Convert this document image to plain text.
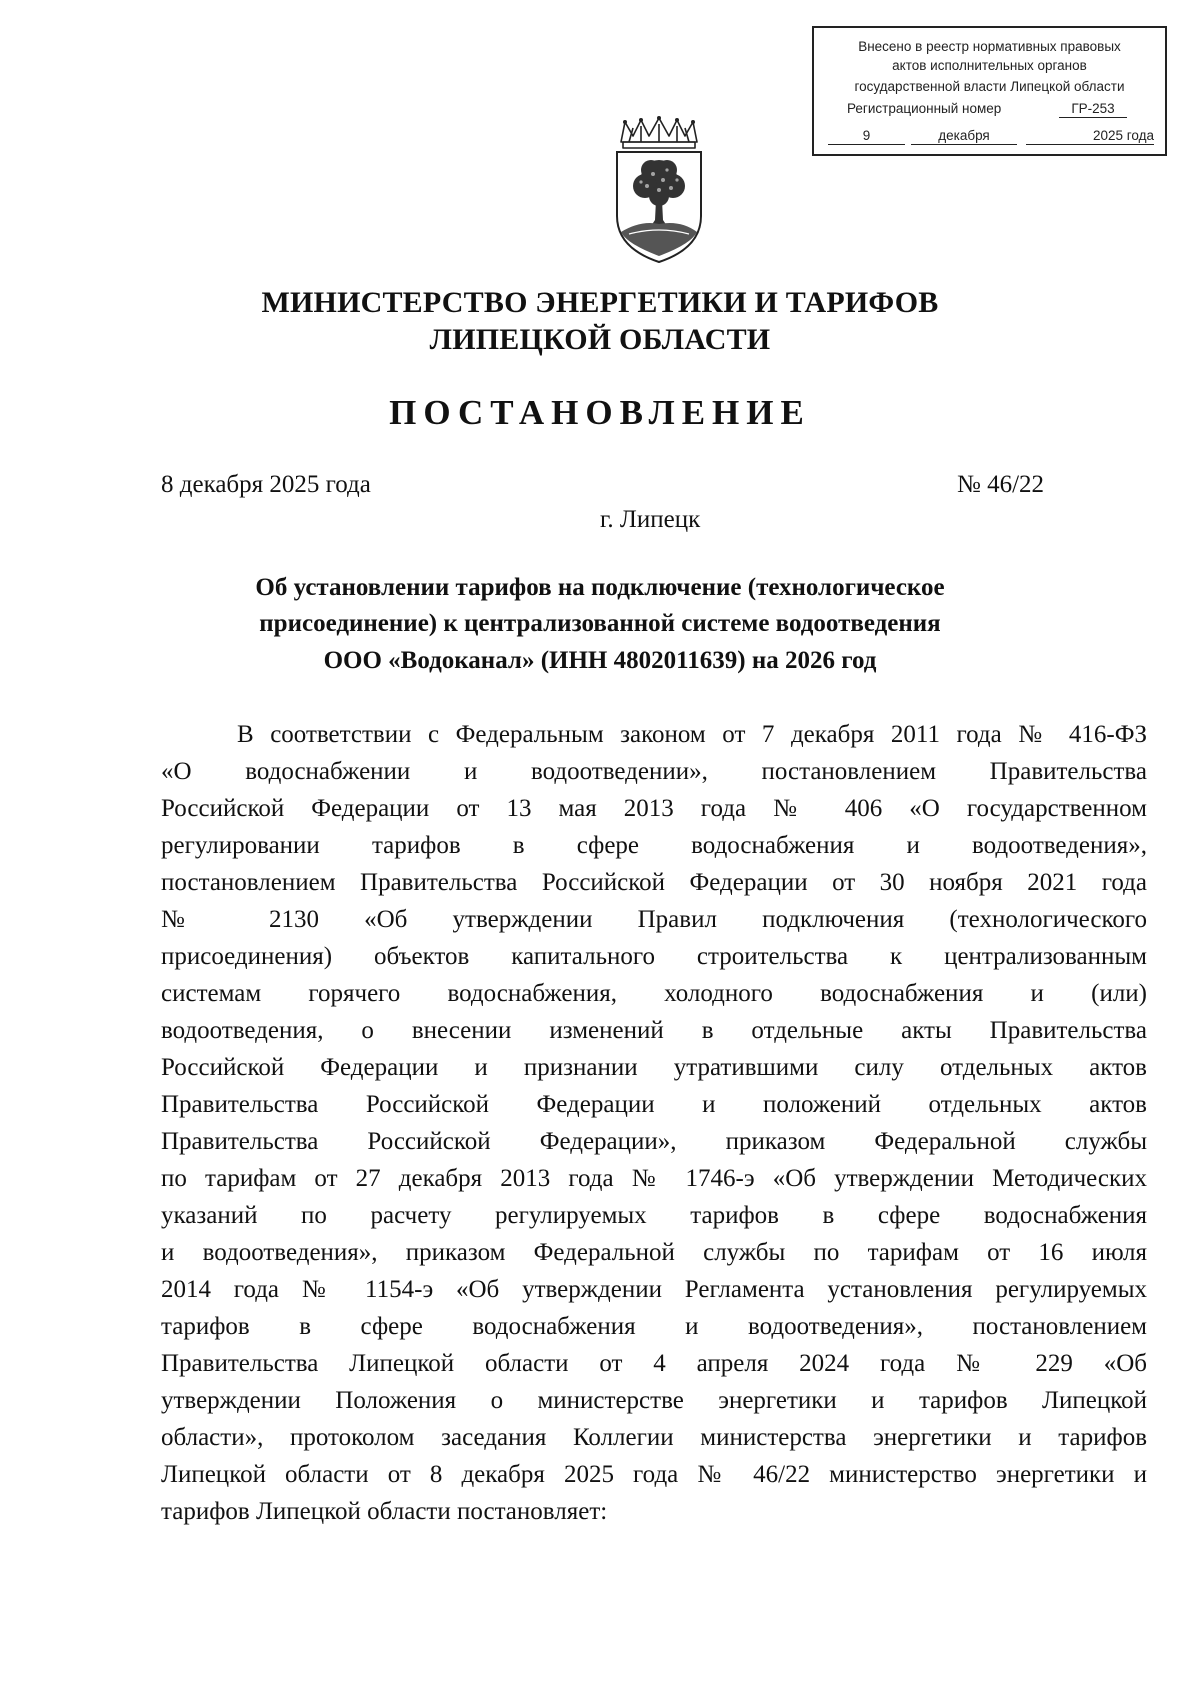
Внесено в реестр нормативных правовых
актов исполнительных органов
государственной власти Липецкой области
Регистрационный номер	ГР-253
9	декабря	2025 года
МИНИСТЕРСТВО ЭНЕРГЕТИКИ И ТАРИФОВ
ЛИПЕЦКОЙ ОБЛАСТИ
ПОСТАНОВЛЕНИЕ
8 декабря 2025 года	№ 46/22
г. Липецк
Об установлении тарифов на подключение (технологическое
присоединение) к централизованной системе водоотведения
ООО «Водоканал» (ИНН 4802011639) на 2026 год
В соответствии с Федеральным законом от 7 декабря 2011 года № 416-ФЗ
«О водоснабжении и водоотведении», постановлением Правительства
Российской Федерации от 13 мая 2013 года № 406 «О государственном
регулировании тарифов в сфере водоснабжения и водоотведения»,
постановлением Правительства Российской Федерации от 30 ноября 2021 года
№ 2130 «Об утверждении Правил подключения (технологического
присоединения) объектов капитального строительства к централизованным
системам горячего водоснабжения, холодного водоснабжения и (или)
водоотведения, о внесении изменений в отдельные акты Правительства
Российской Федерации и признании утратившими силу отдельных актов
Правительства Российской Федерации и положений отдельных актов
Правительства Российской Федерации», приказом Федеральной службы
по тарифам от 27 декабря 2013 года № 1746-э «Об утверждении Методических
указаний по расчету регулируемых тарифов в сфере водоснабжения
и водоотведения», приказом Федеральной службы по тарифам от 16 июля
2014 года № 1154-э «Об утверждении Регламента установления регулируемых
тарифов в сфере водоснабжения и водоотведения», постановлением
Правительства Липецкой области от 4 апреля 2024 года № 229 «Об
утверждении Положения о министерстве энергетики и тарифов Липецкой
области», протоколом заседания Коллегии министерства энергетики и тарифов
Липецкой области от 8 декабря 2025 года № 46/22 министерство энергетики и
тарифов Липецкой области постановляет:
